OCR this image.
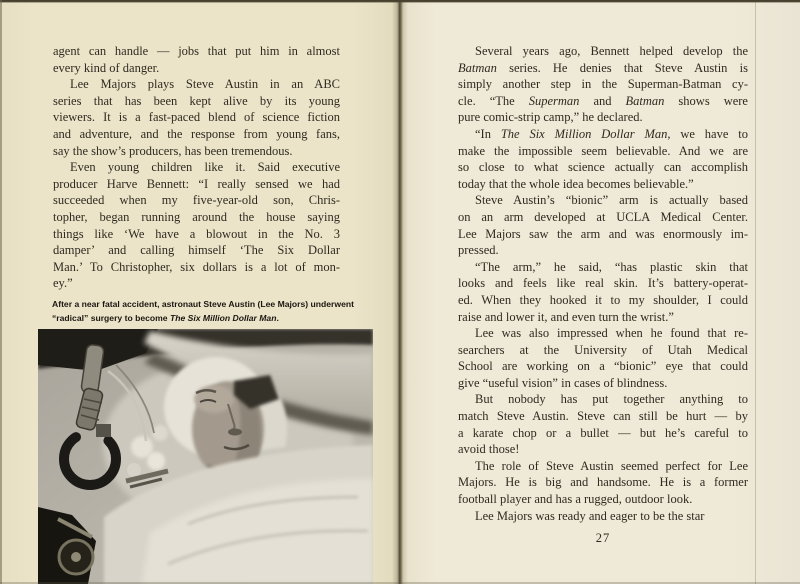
agent can handle — jobs that put him in almost
every kind of danger.
Lee Majors plays Steve Austin in an ABC
series that has been kept alive by its young
viewers. It is a fast-paced blend of science fiction
and adventure, and the response from young fans,
say the show’s producers, has been tremendous.
Even young children like it. Said executive
producer Harve Bennett: “I really sensed we had
succeeded when my five-year-old son, Chris-
topher, began running around the house saying
things like ‘We have a blowout in the No. 3
damper’ and calling himself ‘The Six Dollar
Man.’ To Christopher, six dollars is a lot of mon-
ey.”
After a near fatal accident, astronaut Steve Austin (Lee Majors) underwent
“radical” surgery to become The Six Million Dollar Man.
Several years ago, Bennett helped develop the
Batman series. He denies that Steve Austin is
simply another step in the Superman-Batman cy-
cle. “The Superman and Batman shows were
pure comic-strip camp,” he declared.
“In The Six Million Dollar Man, we have to
make the impossible seem believable. And we are
so close to what science actually can accomplish
today that the whole idea becomes believable.”
Steve Austin’s “bionic” arm is actually based
on an arm developed at UCLA Medical Center.
Lee Majors saw the arm and was enormously im-
pressed.
“The arm,” he said, “has plastic skin that
looks and feels like real skin. It’s battery-operat-
ed. When they hooked it to my shoulder, I could
raise and lower it, and even turn the wrist.”
Lee was also impressed when he found that re-
searchers at the University of Utah Medical
School are working on a “bionic” eye that could
give “useful vision” in cases of blindness.
But nobody has put together anything to
match Steve Austin. Steve can still be hurt — by
a karate chop or a bullet — but he’s careful to
avoid those!
The role of Steve Austin seemed perfect for Lee
Majors. He is big and handsome. He is a former
football player and has a rugged, outdoor look.
Lee Majors was ready and eager to be the star
27
